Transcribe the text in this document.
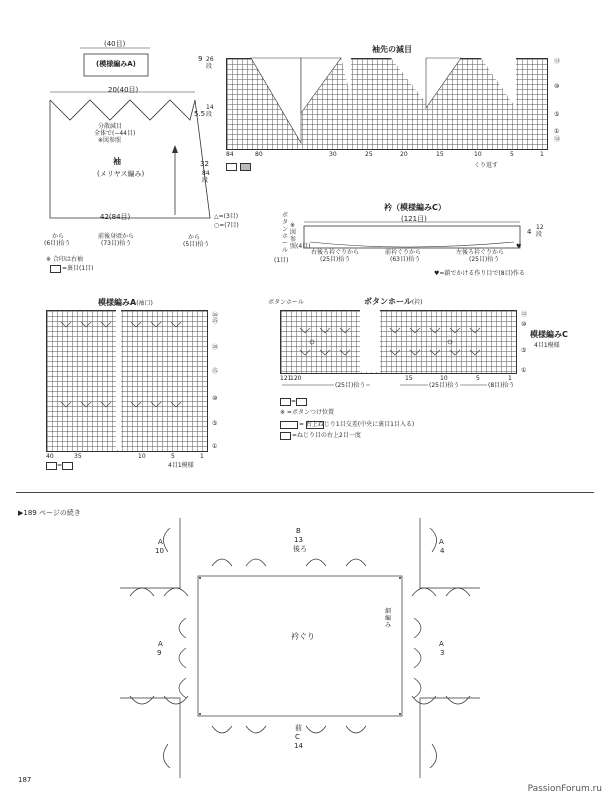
(40目)
(模様編みA)
9 26段
20(40目)
5.5
14段
分散減目
全体で(−44目)
※図参照
袖
(メリヤス編み)
32
84段
42(84目)
から
(6目)拾う
前後身頃から
(73目)拾う
から
(5目)拾う
△=(3目)
○=(7目)
※ 合印は右袖
=裏目(1目)
袖先の減目
84	80	30	25	20	15	10	5	1
くり返す
⑬
⑩
⑤
①
⑭
衿（模様編みC）
(121目)
♥
4
12段
ボタンホール
※図参照
(1目)
(4目)
右後ろ衿ぐりから
(25目)拾う
前衿ぐりから
(63目)拾う
左後ろ衿ぐりから
(25目)拾う
♥=鎖でかける作り目で(8目)作る
模様編みA(袖口)
㉖
㉕
⑳
⑮
⑩
⑤
①
40	35	10	5	1
=	4目1模様
ボタンホール(衿)
ボタンホール
⑫
⑩
⑤
①
模様編みC
4目1模様
121
120	15	10	5	1
(25目)拾う	(25目)拾う	(8目)拾う
=
※ =ボタンつけ位置
= 右上ねじり1目交差(中央に裏目1目入る)
=ねじり目の右上2目一度
▶189 ページの続き
B
13
後ろ
A
10
A
4
A
9
A
3
衿ぐり
細編み
前
C
14
187
PassionForum.ru
